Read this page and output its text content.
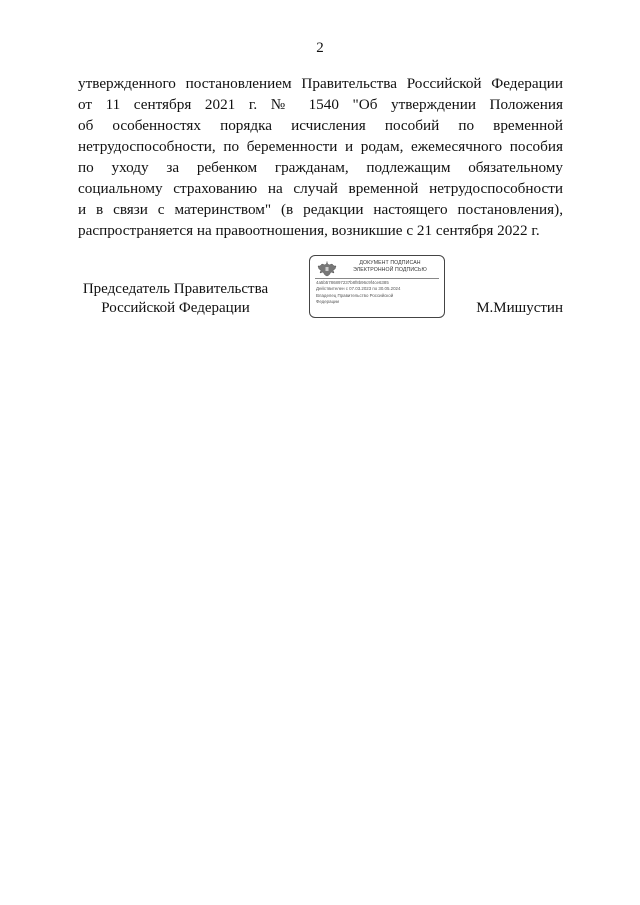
2
утвержденного постановлением Правительства Российской Федерации
от 11 сентября 2021 г. № 1540 "Об утверждении Положения
об особенностях порядка исчисления пособий по временной
нетрудоспособности, по беременности и родам, ежемесячного пособия
по уходу за ребенком гражданам, подлежащим обязательному
социальному страхованию на случай временной нетрудоспособности
и в связи с материнством" (в редакции настоящего постановления),
распространяется на правоотношения, возникшие с 21 сентября 2022 г.
Председатель Правительства
Российской Федерации
ДОКУМЕНТ ПОДПИСАН
ЭЛЕКТРОННОЙ ПОДПИСЬЮ
4a5b5786897237b8f8b96c9f4ce6385
Действителен с 07.03.2023 по 30.05.2024
Владелец Правительство Российской
Федерации	М.Мишустин
